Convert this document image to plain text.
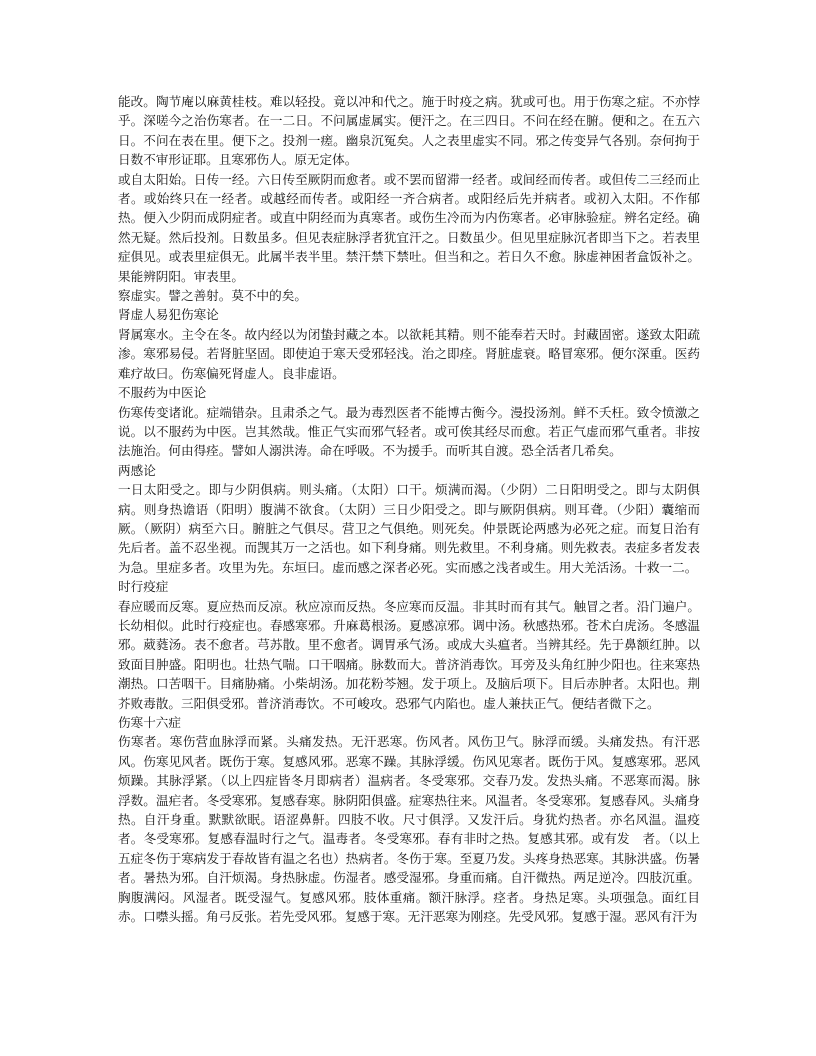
能改。陶节庵以麻黄桂枝。难以轻投。竟以冲和代之。施于时疫之病。犹或可也。用于伤寒之症。不亦悖乎。深嗟今之治伤寒者。在一二日。不问属虚属实。便汗之。在三四日。不问在经在腑。便和之。在五六日。不问在表在里。便下之。投剂一瘥。幽泉沉冤矣。人之表里虚实不同。邪之传变异气各别。奈何拘于日数不审形证耶。且寒邪伤人。原无定体。

或自太阳始。日传一经。六日传至厥阴而愈者。或不罢而留滞一经者。或间经而传者。或但传二三经而止者。或始终只在一经者。或越经而传者。或阳经一齐合病者。或阳经后先并病者。或初入太阳。不作郁热。便入少阴而成阴症者。或直中阴经而为真寒者。或伤生冷而为内伤寒者。必审脉验症。辨名定经。确然无疑。然后投剂。日数虽多。但见表症脉浮者犹宜汗之。日数虽少。但见里症脉沉者即当下之。若表里症俱见。或表里症俱无。此属半表半里。禁汗禁下禁吐。但当和之。若日久不愈。脉虚神困者盒饭补之。果能辨阴阳。审表里。

察虚实。譬之善射。莫不中的矣。

肾虚人易犯伤寒论

肾属寒水。主令在冬。故内经以为闭蛰封藏之本。以欲耗其精。则不能奉若天时。封藏固密。遂致太阳疏渗。寒邪易侵。若肾脏坚固。即使迫于寒天受邪轻浅。治之即痊。肾脏虚衰。略冒寒邪。便尔深重。医药难疗故曰。伤寒偏死肾虚人。良非虚语。

不服药为中医论

伤寒传变诸讹。症端错杂。且肃杀之气。最为毒烈医者不能博古衡今。漫投汤剂。鲜不夭枉。致令愤激之说。以不服药为中医。岂其然哉。惟正气实而邪气轻者。或可俟其经尽而愈。若正气虚而邪气重者。非按法施治。何由得痊。譬如人溺洪涛。命在呼吸。不为援手。而听其自渡。恐全活者几希矣。

两感论

一日太阳受之。即与少阴俱病。则头痛。（太阳）口干。烦满而渴。（少阴）二日阳明受之。即与太阴俱病。则身热谵语（阳明）腹满不欲食。（太阴）三日少阳受之。即与厥阴俱病。则耳聋。（少阳）囊缩而厥。（厥阴）病至六日。腑脏之气俱尽。营卫之气俱绝。则死矣。仲景既论两感为必死之症。而复日治有先后者。盖不忍坐视。而觊其万一之活也。如下利身痛。则先救里。不利身痛。则先救表。表症多者发表为急。里症多者。攻里为先。东垣曰。虚而感之深者必死。实而感之浅者或生。用大羌活汤。十救一二。

时行疫症

春应暖而反寒。夏应热而反凉。秋应凉而反热。冬应寒而反温。非其时而有其气。触冒之者。沿门遍户。长幼相似。此时行疫症也。春感寒邪。升麻葛根汤。夏感凉邪。调中汤。秋感热邪。苍术白虎汤。冬感温邪。葳蕤汤。表不愈者。芎苏散。里不愈者。调胃承气汤。或成大头瘟者。当辨其经。先于鼻额红肿。以致面目肿盛。阳明也。壮热气喘。口干咽痛。脉数而大。普济消毒饮。耳旁及头角红肿少阳也。往来寒热潮热。口苦咽干。目痛胁痛。小柴胡汤。加花粉芩翘。发于项上。及脑后项下。目后赤肿者。太阳也。荆芥败毒散。三阳俱受邪。普济消毒饮。不可峻攻。恐邪气内陷也。虚人兼扶正气。便结者微下之。

伤寒十六症

伤寒者。寒伤营血脉浮而紧。头痛发热。无汗恶寒。伤风者。风伤卫气。脉浮而缓。头痛发热。有汗恶风。伤寒见风者。既伤于寒。复感风邪。恶寒不躁。其脉浮缓。伤风见寒者。既伤于风。复感寒邪。恶风烦躁。其脉浮紧。（以上四症皆冬月即病者）温病者。冬受寒邪。交春乃发。发热头痛。不恶寒而渴。脉浮数。温疟者。冬受寒邪。复感春寒。脉阴阳俱盛。症寒热往来。风温者。冬受寒邪。复感春风。头痛身热。自汗身重。默默欲眠。语涩鼻鼾。四肢不收。尺寸俱浮。又发汗后。身犹灼热者。亦名风温。温疫者。冬受寒邪。复感春温时行之气。温毒者。冬受寒邪。春有非时之热。复感其邪。或有发　者。（以上五症冬伤于寒病发于春故皆有温之名也）热病者。冬伤于寒。至夏乃发。头疼身热恶寒。其脉洪盛。伤暑者。暑热为邪。自汗烦渴。身热脉虚。伤湿者。感受湿邪。身重而痛。自汗微热。两足逆冷。四肢沉重。胸腹满闷。风湿者。既受湿气。复感风邪。肢体重痛。额汗脉浮。痉者。身热足寒。头项强急。面红目赤。口噤头摇。角弓反张。若先受风邪。复感于寒。无汗恶寒为刚痉。先受风邪。复感于湿。恶风有汗为
